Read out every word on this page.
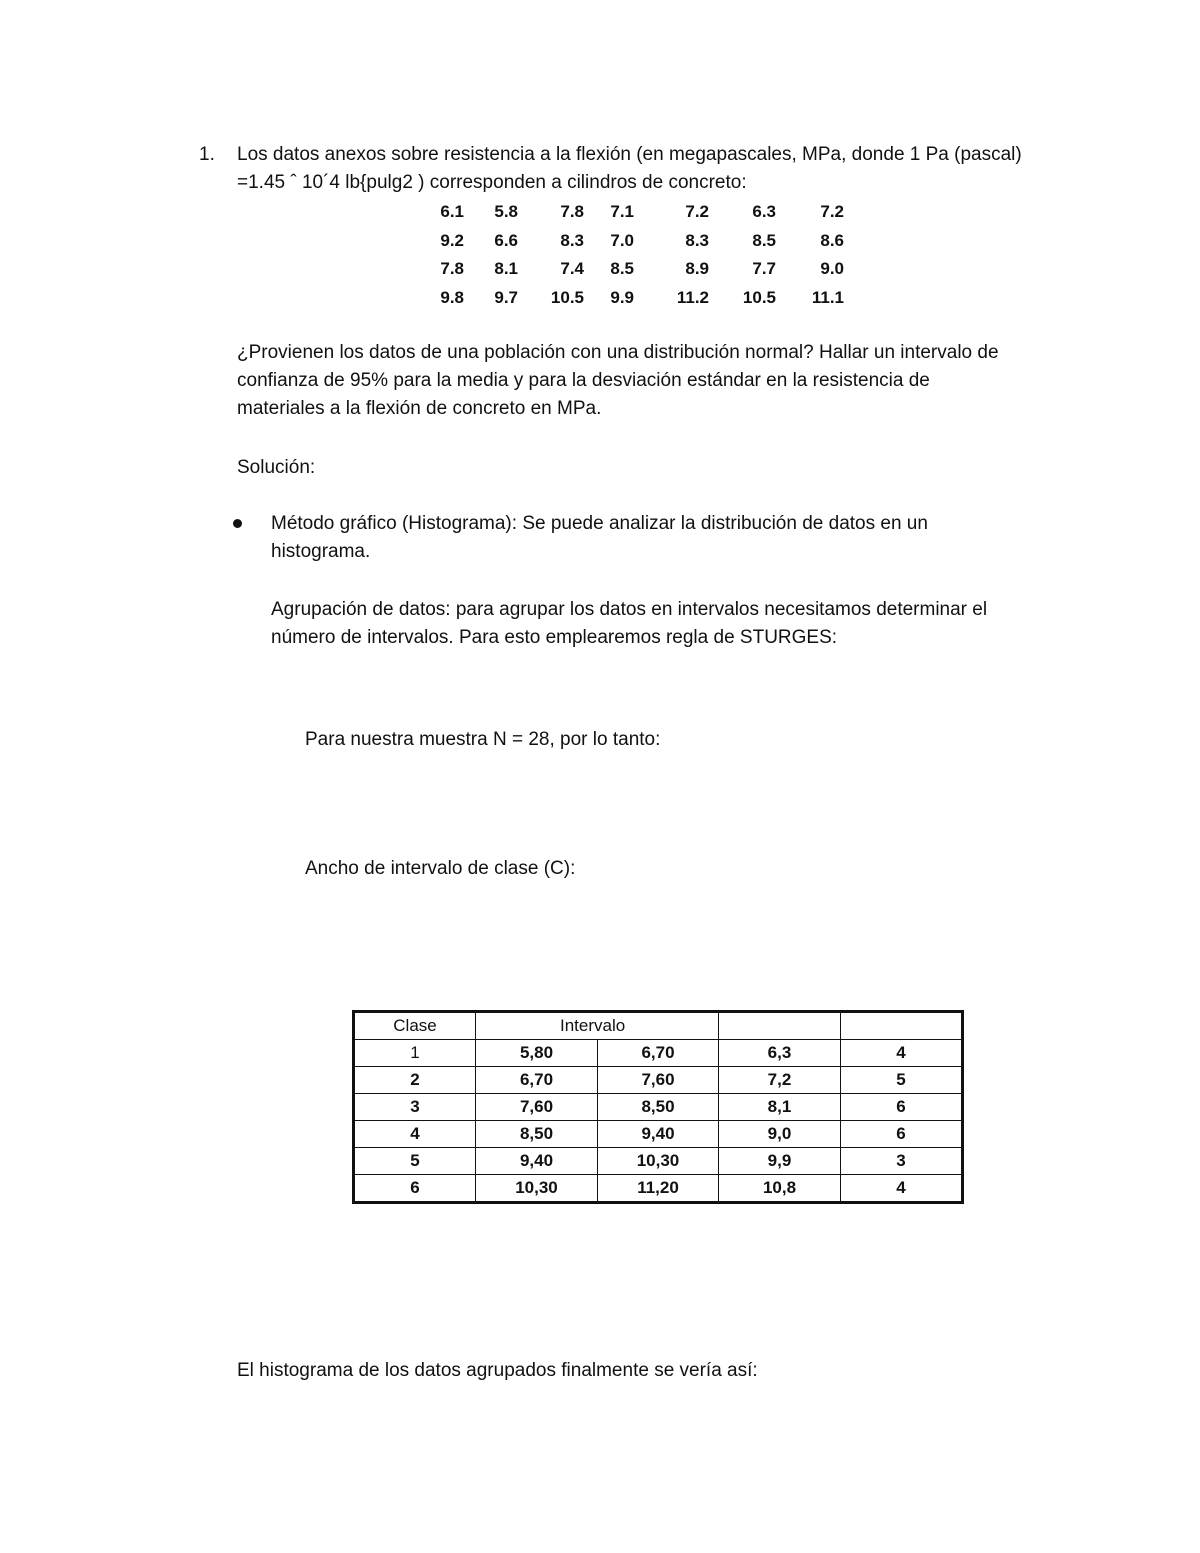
1. Los datos anexos sobre resistencia a la flexión (en megapascales, MPa, donde 1 Pa (pascal)
=1.45 ˆ 10´4 lb{pulg2 ) corresponden a cilindros de concreto:
6.1	5.8	7.8	7.1	7.2	6.3	7.2
9.2	6.6	8.3	7.0	8.3	8.5	8.6
7.8	8.1	7.4	8.5	8.9	7.7	9.0
9.8	9.7	10.5	9.9	11.2	10.5	11.1
¿Provienen los datos de una población con una distribución normal? Hallar un intervalo de
confianza de 95% para la media y para la desviación estándar en la resistencia de
materiales a la flexión de concreto en MPa.
Solución:
Método gráfico (Histograma): Se puede analizar la distribución de datos en un
histograma.
Agrupación de datos: para agrupar los datos en intervalos necesitamos determinar el
número de intervalos. Para esto emplearemos regla de STURGES:
Para nuestra muestra N = 28, por lo tanto:
Ancho de intervalo de clase (C):
Clase	Intervalo			
1	5,80	6,70	6,3	4
2	6,70	7,60	7,2	5
3	7,60	8,50	8,1	6
4	8,50	9,40	9,0	6
5	9,40	10,30	9,9	3
6	10,30	11,20	10,8	4
El histograma de los datos agrupados finalmente se vería así:
